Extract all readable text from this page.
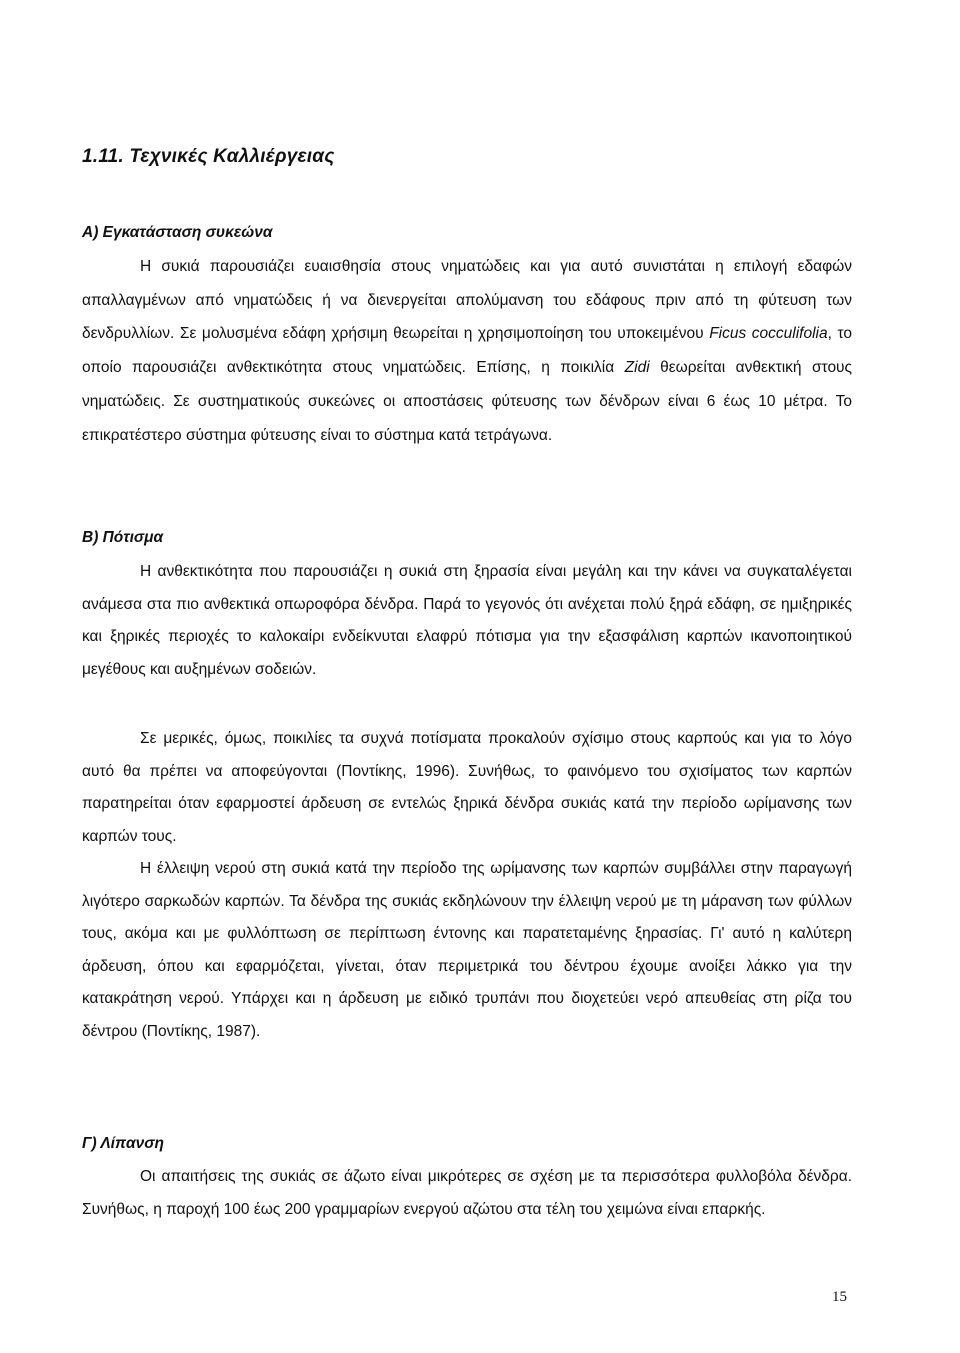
1.11. Τεχνικές Καλλιέργειας
Α) Εγκατάσταση συκεώνα

Η συκιά παρουσιάζει ευαισθησία στους νηματώδεις και για αυτό συνιστάται η επιλογή εδαφών απαλλαγμένων από νηματώδεις ή να διενεργείται απολύμανση του εδάφους πριν από τη φύτευση των δενδρυλλίων. Σε μολυσμένα εδάφη χρήσιμη θεωρείται η χρησιμοποίηση του υποκειμένου Ficus cocculifolia, το οποίο παρουσιάζει ανθεκτικότητα στους νηματώδεις. Επίσης, η ποικιλία Zidi θεωρείται ανθεκτική στους νηματώδεις. Σε συστηματικούς συκεώνες οι αποστάσεις φύτευσης των δένδρων είναι 6 έως 10 μέτρα. Το επικρατέστερο σύστημα φύτευσης είναι το σύστημα κατά τετράγωνα.

Β) Πότισμα

Η ανθεκτικότητα που παρουσιάζει η συκιά στη ξηρασία είναι μεγάλη και την κάνει να συγκαταλέγεται ανάμεσα στα πιο ανθεκτικά οπωροφόρα δένδρα. Παρά το γεγονός ότι ανέχεται πολύ ξηρά εδάφη, σε ημιξηρικές και ξηρικές περιοχές το καλοκαίρι ενδείκνυται ελαφρύ πότισμα για την εξασφάλιση καρπών ικανοποιητικού μεγέθους και αυξημένων σοδειών.

Σε μερικές, όμως, ποικιλίες τα συχνά ποτίσματα προκαλούν σχίσιμο στους καρπούς και για το λόγο αυτό θα πρέπει να αποφεύγονται (Ποντίκης, 1996). Συνήθως, το φαινόμενο του σχισίματος των καρπών παρατηρείται όταν εφαρμοστεί άρδευση σε εντελώς ξηρικά δένδρα συκιάς κατά την περίοδο ωρίμανσης των καρπών τους.

Η έλλειψη νερού στη συκιά κατά την περίοδο της ωρίμανσης των καρπών συμβάλλει στην παραγωγή λιγότερο σαρκωδών καρπών. Τα δένδρα της συκιάς εκδηλώνουν την έλλειψη νερού με τη μάρανση των φύλλων τους, ακόμα και με φυλλόπτωση σε περίπτωση έντονης και παρατεταμένης ξηρασίας. Γι' αυτό η καλύτερη άρδευση, όπου και εφαρμόζεται, γίνεται, όταν περιμετρικά του δέντρου έχουμε ανοίξει λάκκο για την κατακράτηση νερού. Υπάρχει και η άρδευση με ειδικό τρυπάνι που διοχετεύει νερό απευθείας στη ρίζα του δέντρου (Ποντίκης, 1987).

Γ) Λίπανση

Οι απαιτήσεις της συκιάς σε άζωτο είναι μικρότερες σε σχέση με τα περισσότερα φυλλοβόλα δένδρα. Συνήθως, η παροχή 100 έως 200 γραμμαρίων ενεργού αζώτου στα τέλη του χειμώνα είναι επαρκής.

15
